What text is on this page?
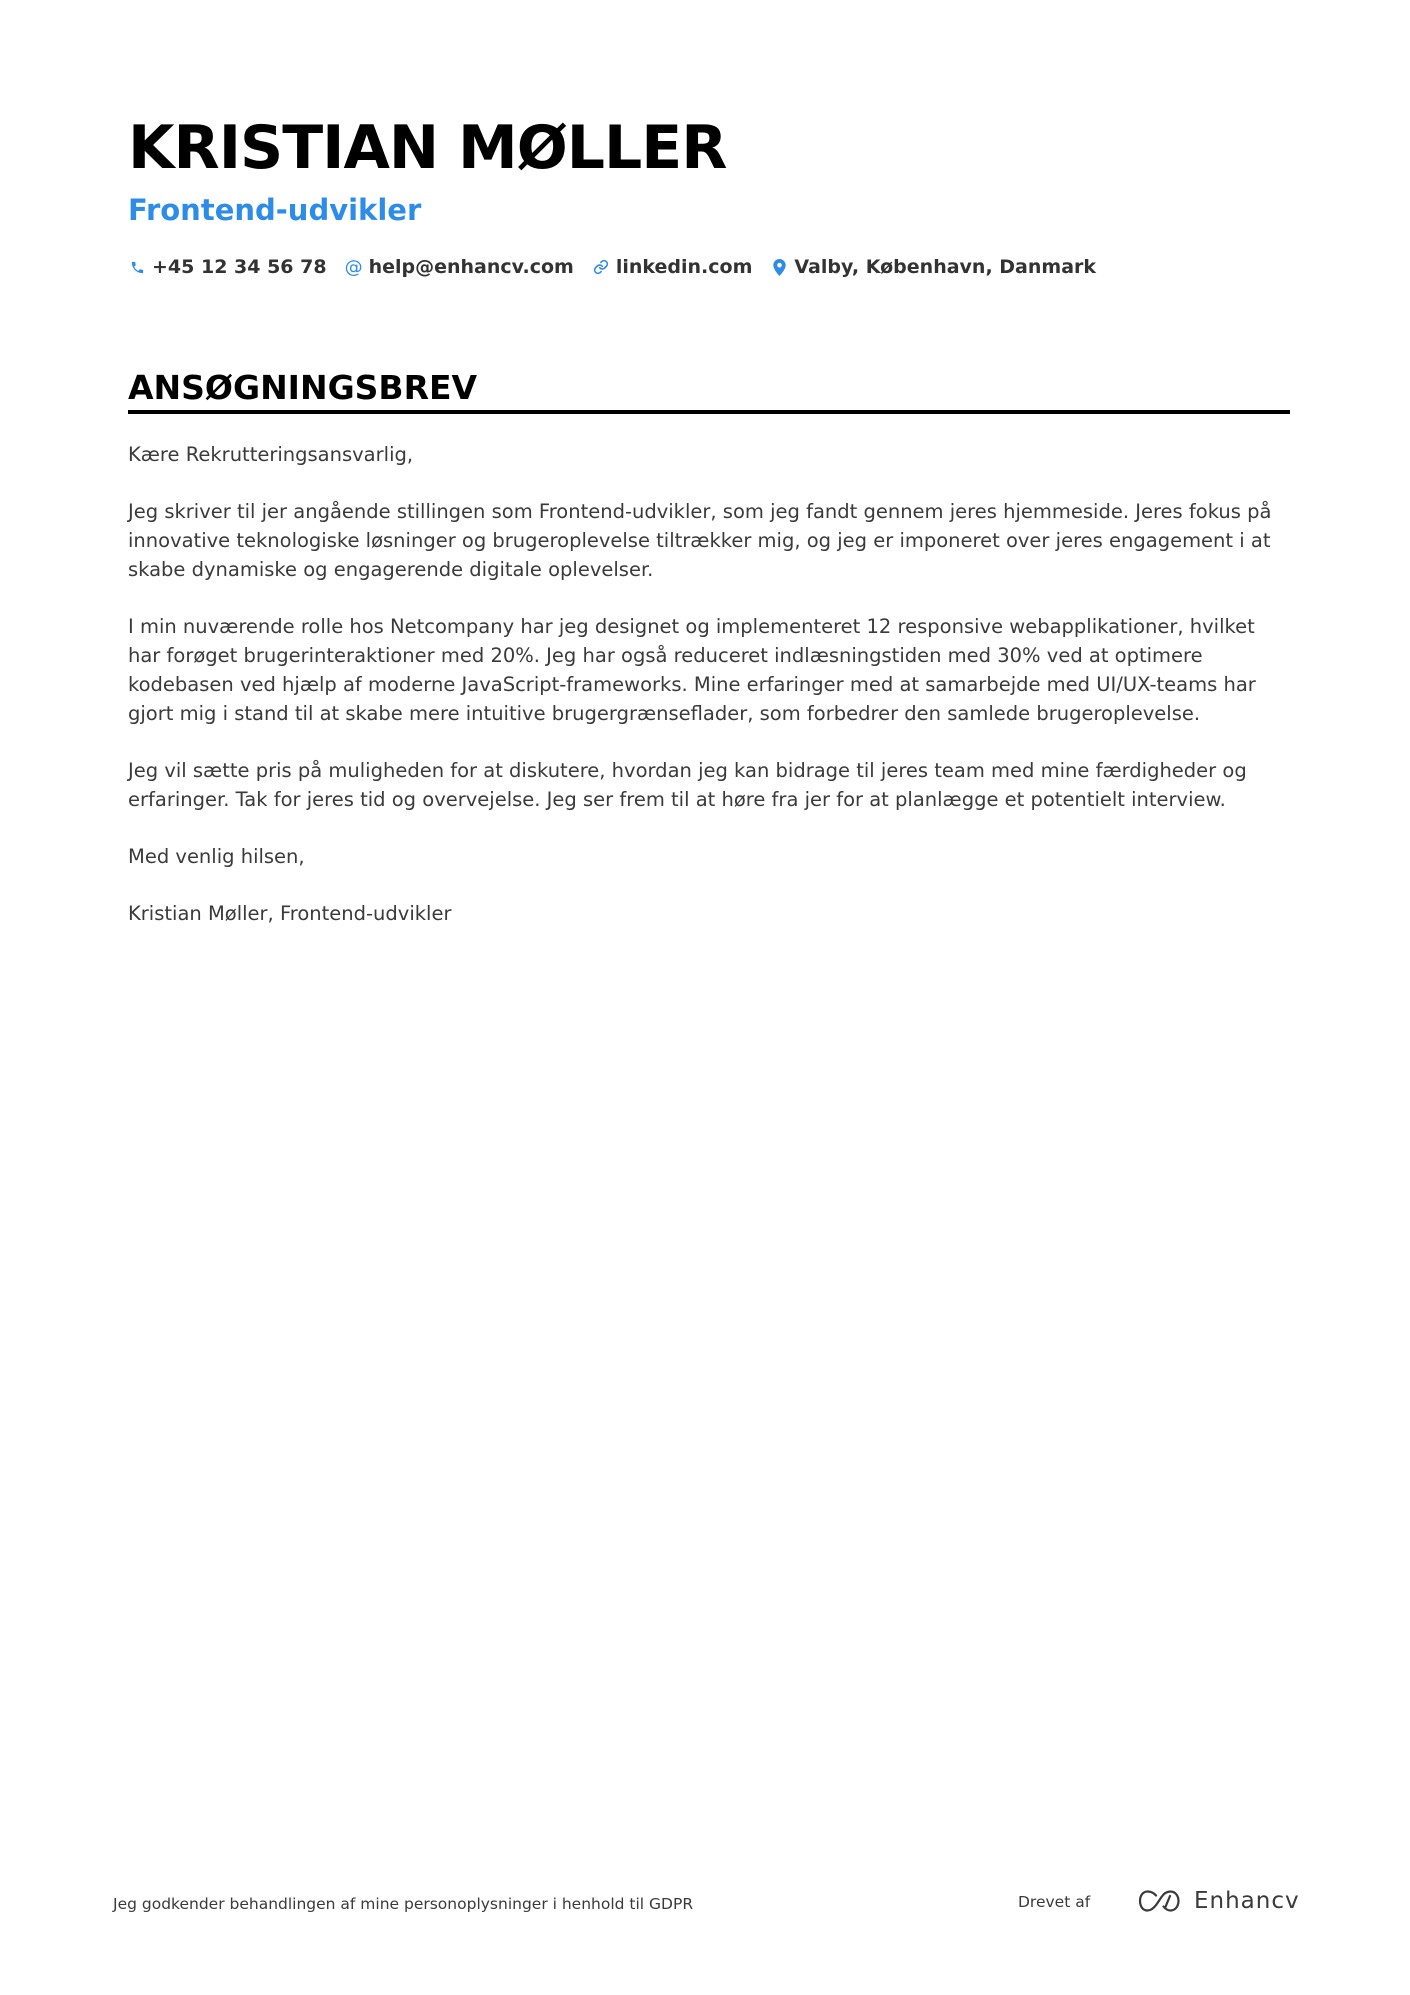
KRISTIAN MØLLER
Frontend-udvikler
+45 12 34 56 78 @ help@enhancv.com linkedin.com Valby, København, Danmark
ANSØGNINGSBREV

Kære Rekrutteringsansvarlig,

Jeg skriver til jer angående stillingen som Frontend-udvikler, som jeg fandt gennem jeres hjemmeside. Jeres fokus på innovative teknologiske løsninger og brugeroplevelse tiltrækker mig, og jeg er imponeret over jeres engagement i at skabe dynamiske og engagerende digitale oplevelser.

I min nuværende rolle hos Netcompany har jeg designet og implementeret 12 responsive webapplikationer, hvilket har forøget brugerinteraktioner med 20%. Jeg har også reduceret indlæsningstiden med 30% ved at optimere kodebasen ved hjælp af moderne JavaScript-frameworks. Mine erfaringer med at samarbejde med UI/UX-teams har gjort mig i stand til at skabe mere intuitive brugergrænseflader, som forbedrer den samlede brugeroplevelse.

Jeg vil sætte pris på muligheden for at diskutere, hvordan jeg kan bidrage til jeres team med mine færdigheder og erfaringer. Tak for jeres tid og overvejelse. Jeg ser frem til at høre fra jer for at planlægge et potentielt interview.

Med venlig hilsen,

Kristian Møller, Frontend-udvikler

Jeg godkender behandlingen af mine personoplysninger i henhold til GDPR	Drevet af	Enhancv
